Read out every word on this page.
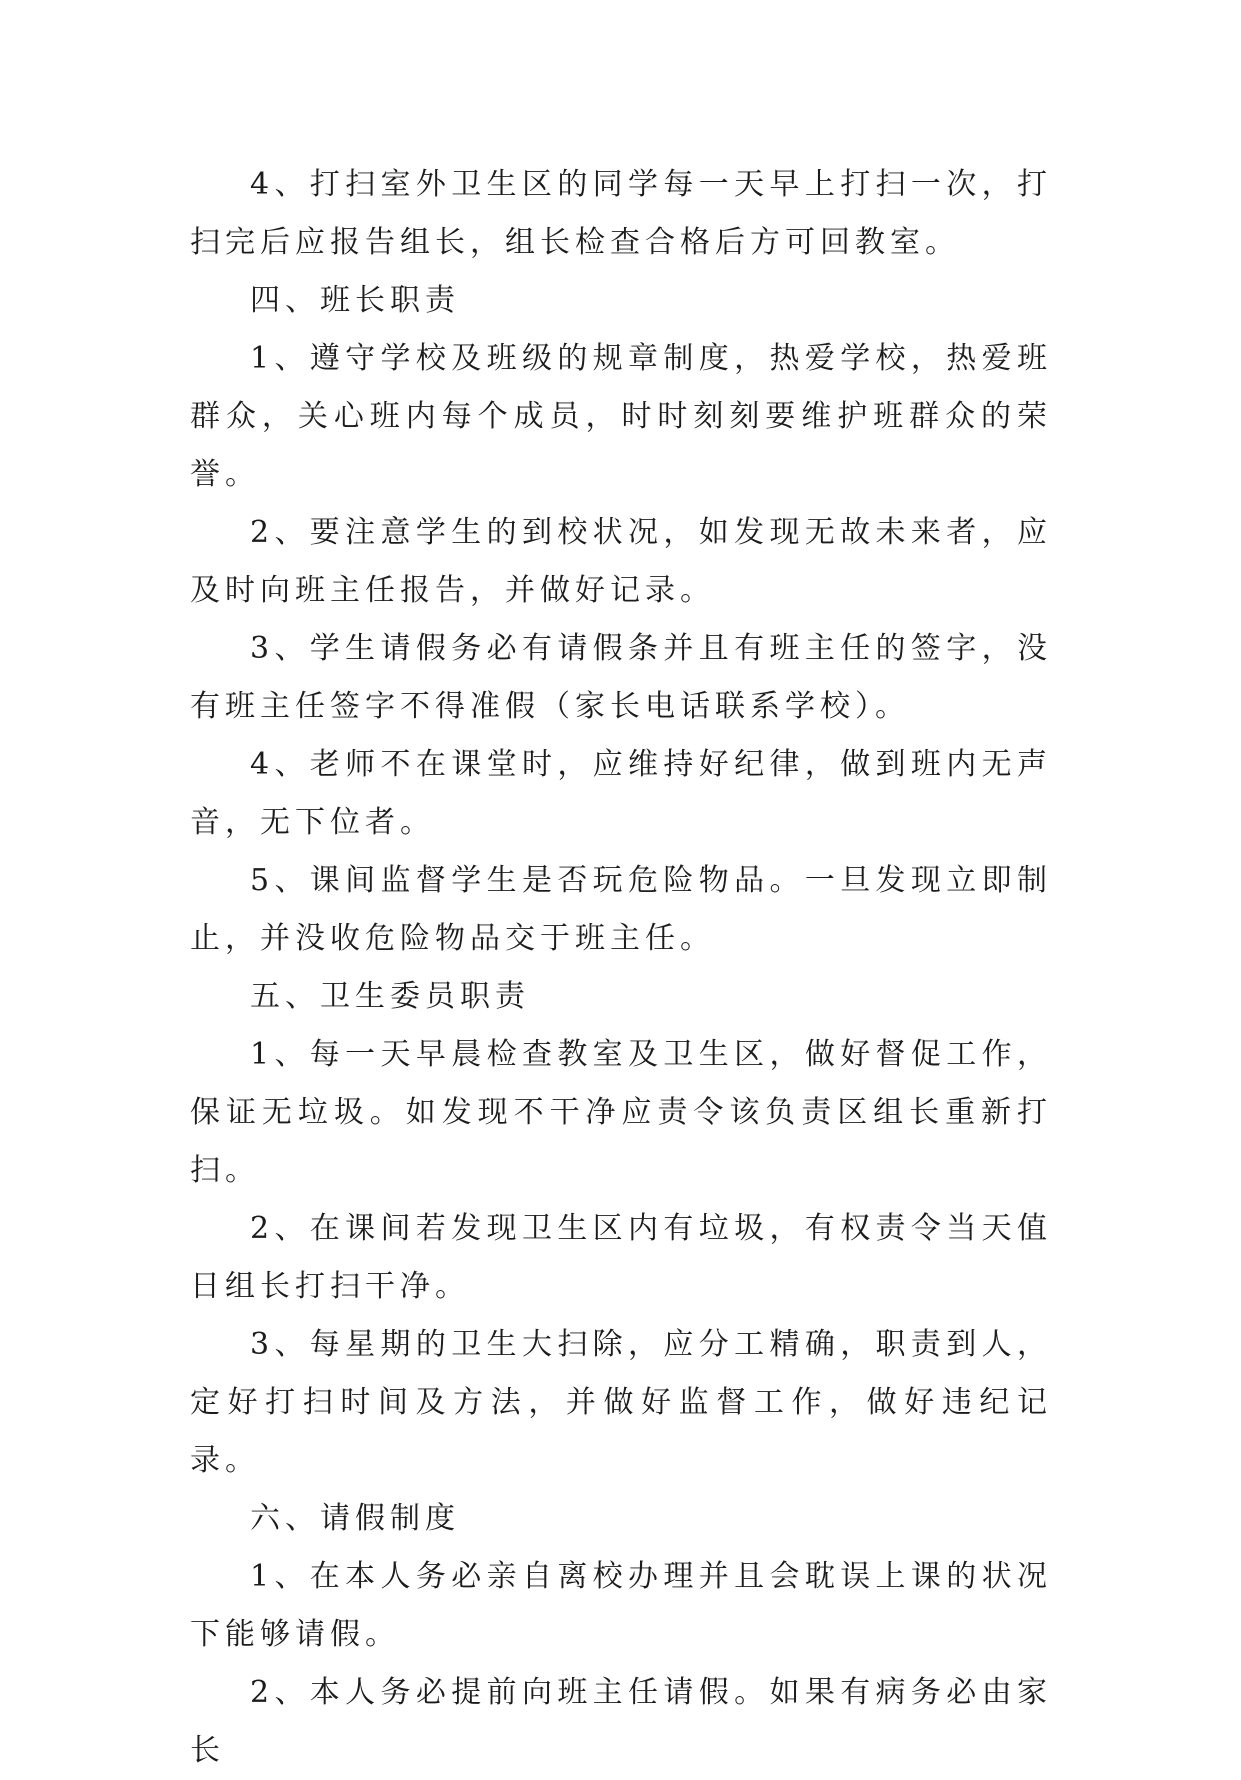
4、打扫室外卫生区的同学每一天早上打扫一次，打扫完后应报告组长，组长检查合格后方可回教室。

四、班长职责

1、遵守学校及班级的规章制度，热爱学校，热爱班群众，关心班内每个成员，时时刻刻要维护班群众的荣誉。

2、要注意学生的到校状况，如发现无故未来者，应及时向班主任报告，并做好记录。

3、学生请假务必有请假条并且有班主任的签字，没有班主任签字不得准假（家长电话联系学校）。

4、老师不在课堂时，应维持好纪律，做到班内无声音，无下位者。

5、课间监督学生是否玩危险物品。一旦发现立即制止，并没收危险物品交于班主任。

五、卫生委员职责

1、每一天早晨检查教室及卫生区，做好督促工作，保证无垃圾。如发现不干净应责令该负责区组长重新打扫。

2、在课间若发现卫生区内有垃圾，有权责令当天值日组长打扫干净。

3、每星期的卫生大扫除，应分工精确，职责到人，定好打扫时间及方法，并做好监督工作，做好违纪记录。

六、请假制度

1、在本人务必亲自离校办理并且会耽误上课的状况下能够请假。

2、本人务必提前向班主任请假。如果有病务必由家长
